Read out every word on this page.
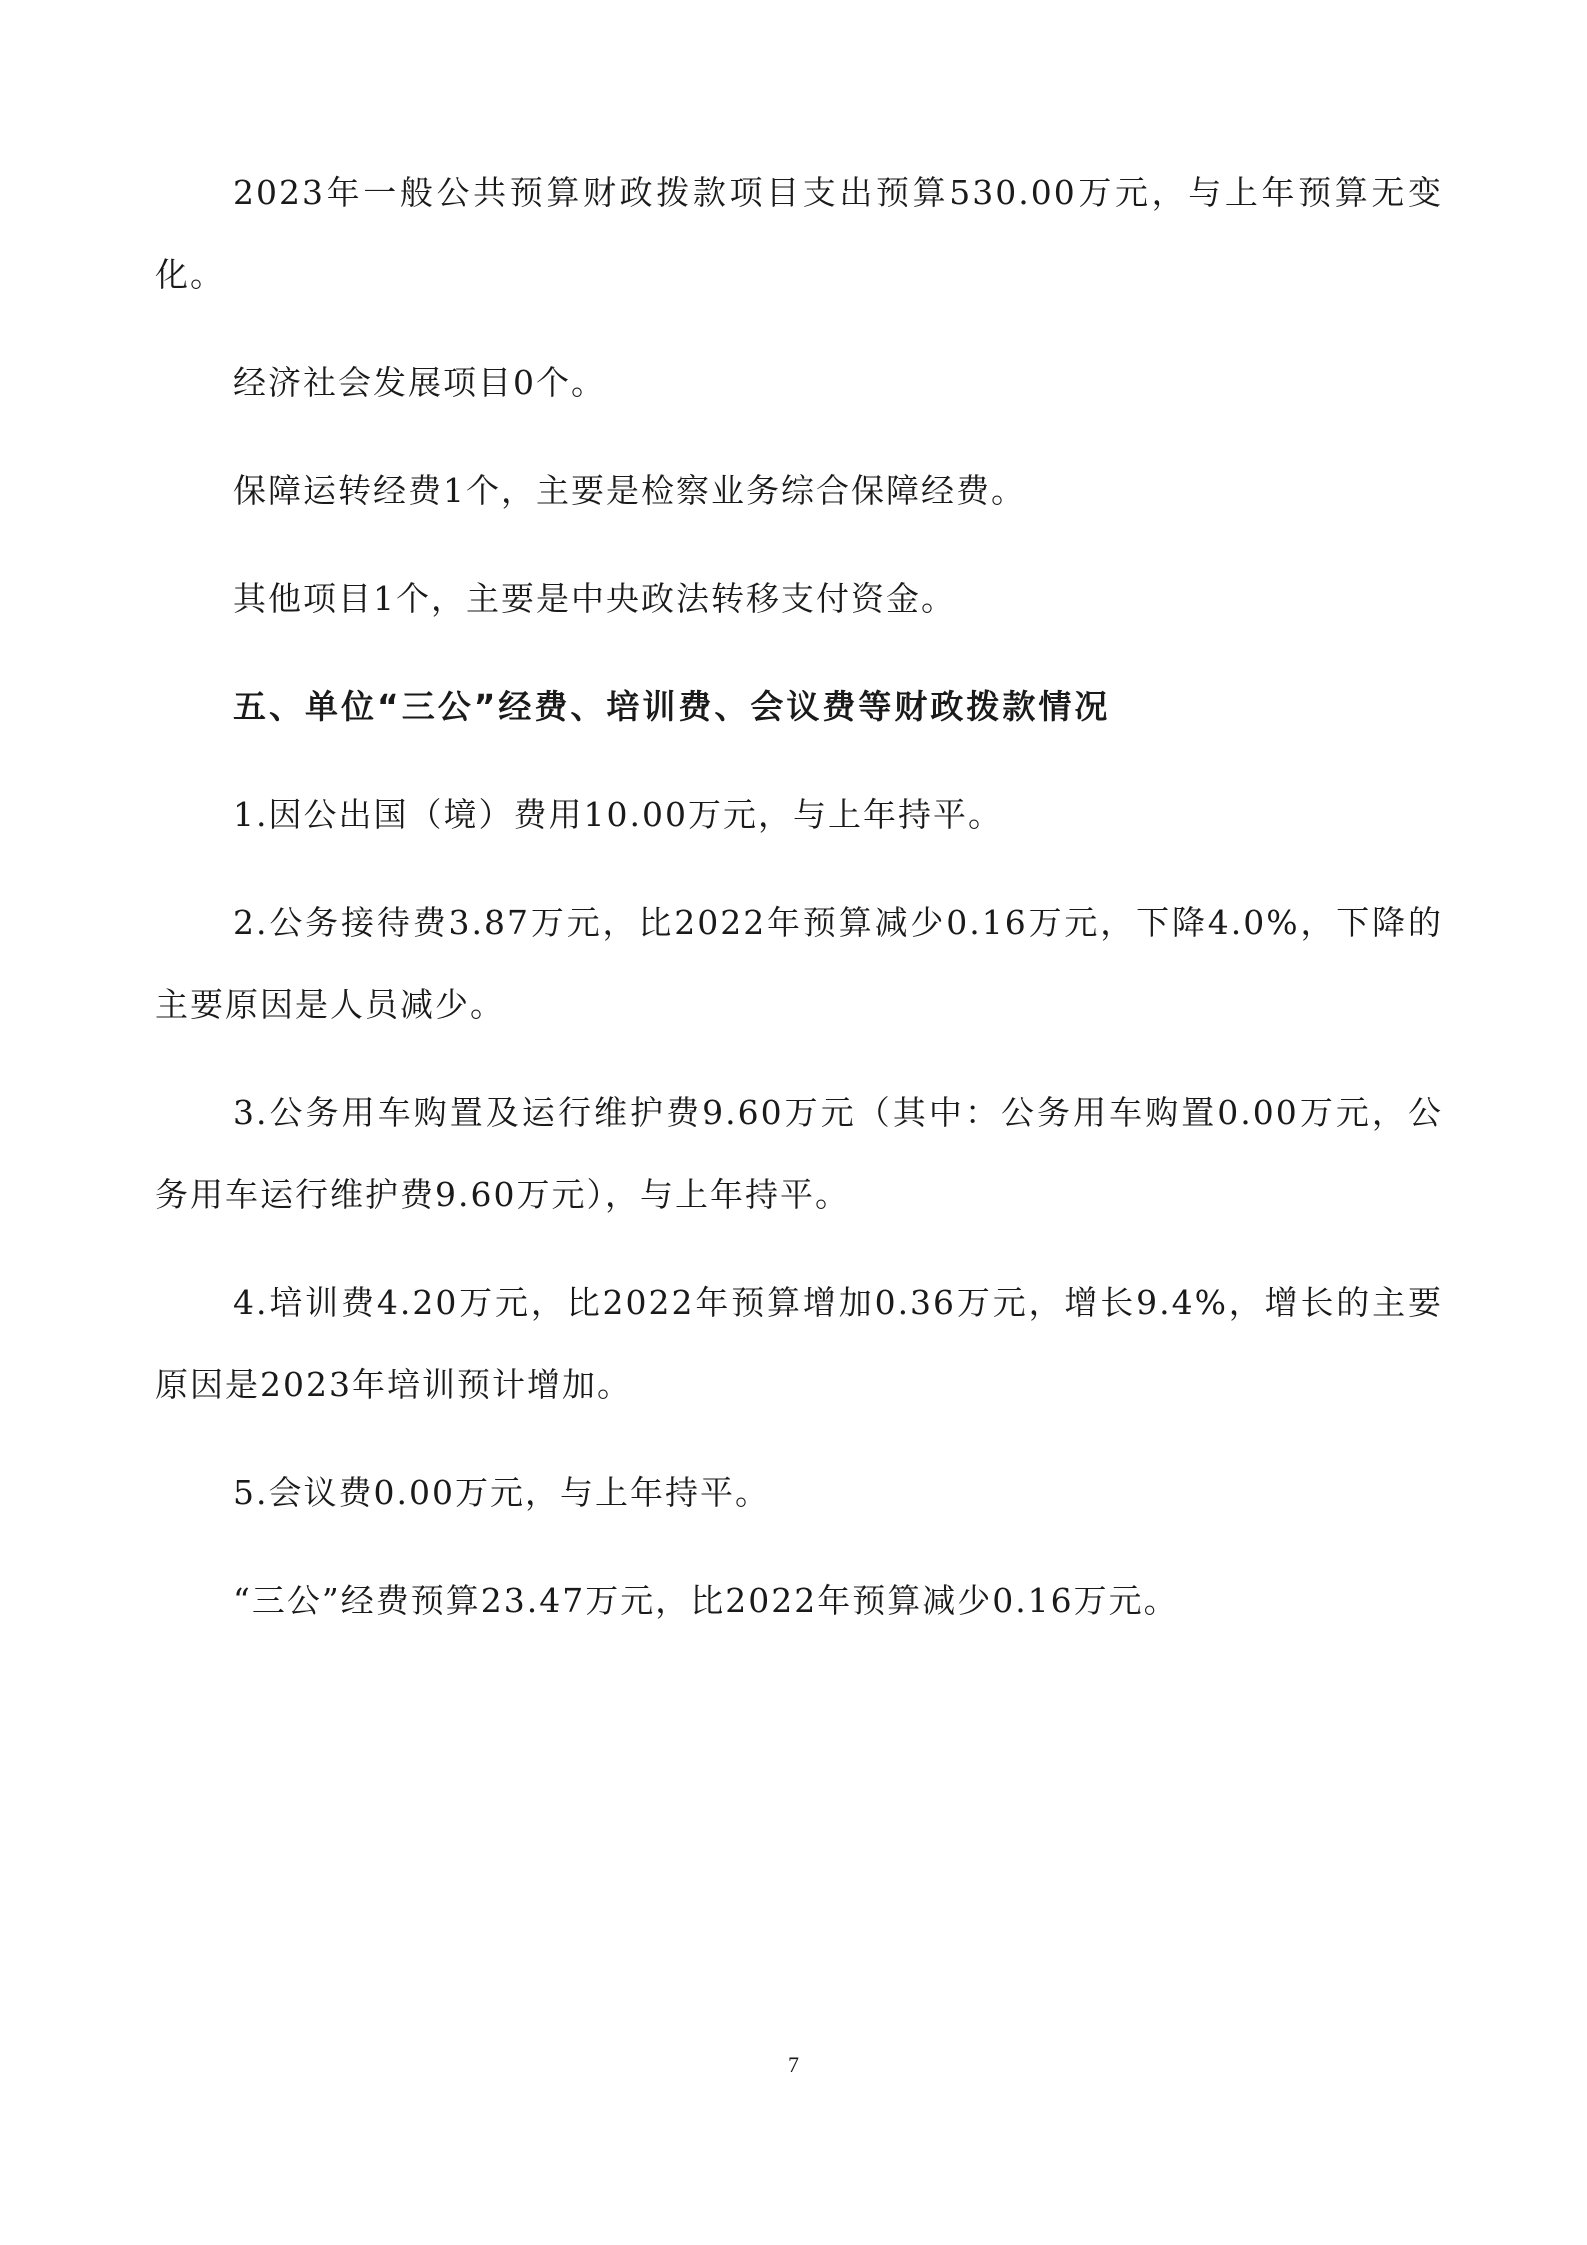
2023年一般公共预算财政拨款项目支出预算530.00万元，与上年预算无变化。

经济社会发展项目0个。

保障运转经费1个，主要是检察业务综合保障经费。

其他项目1个，主要是中央政法转移支付资金。

五、单位“三公”经费、培训费、会议费等财政拨款情况

1.因公出国（境）费用10.00万元，与上年持平。

2.公务接待费3.87万元，比2022年预算减少0.16万元，下降4.0%，下降的主要原因是人员减少。

3.公务用车购置及运行维护费9.60万元（其中：公务用车购置0.00万元，公务用车运行维护费9.60万元），与上年持平。

4.培训费4.20万元，比2022年预算增加0.36万元，增长9.4%，增长的主要原因是2023年培训预计增加。

5.会议费0.00万元，与上年持平。

“三公”经费预算23.47万元，比2022年预算减少0.16万元。

7
